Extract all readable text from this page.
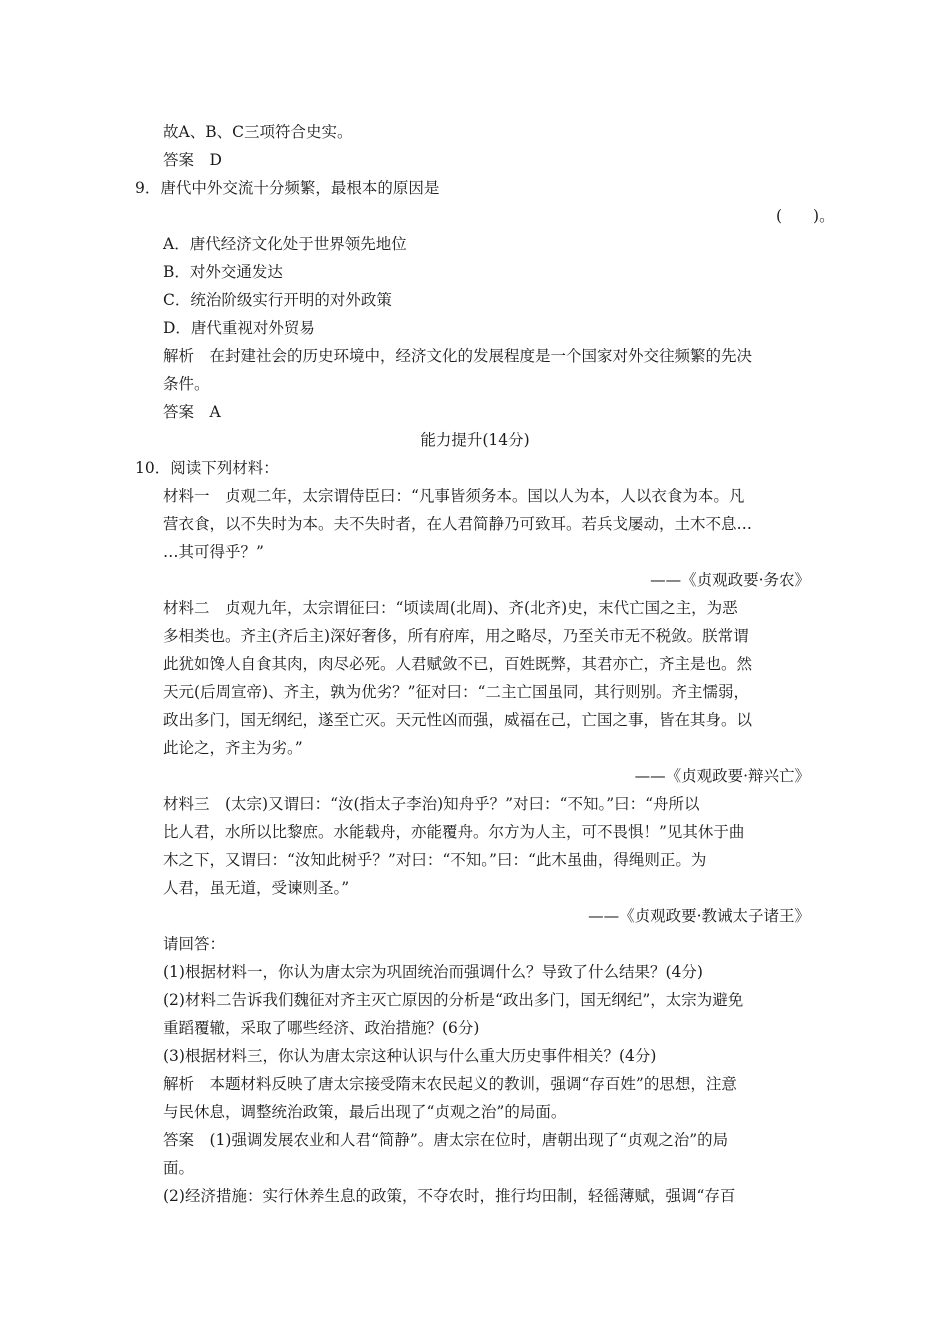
故A、B、C三项符合史实。
答案　D
9．唐代中外交流十分频繁，最根本的原因是
(　　)。
A．唐代经济文化处于世界领先地位
B．对外交通发达
C．统治阶级实行开明的对外政策
D．唐代重视对外贸易
解析　在封建社会的历史环境中，经济文化的发展程度是一个国家对外交往频繁的先决
条件。
答案　A
能力提升(14分)
10．阅读下列材料：
材料一　贞观二年，太宗谓侍臣曰：“凡事皆须务本。国以人为本，人以衣食为本。凡
营衣食，以不失时为本。夫不失时者，在人君简静乃可致耳。若兵戈屡动，土木不息…
…其可得乎？”
——《贞观政要·务农》
材料二　贞观九年，太宗谓征曰：“顷读周(北周)、齐(北齐)史，末代亡国之主，为恶
多相类也。齐主(齐后主)深好奢侈，所有府库，用之略尽，乃至关市无不税敛。朕常谓
此犹如馋人自食其肉，肉尽必死。人君赋敛不已，百姓既弊，其君亦亡，齐主是也。然
天元(后周宣帝)、齐主，孰为优劣？”征对曰：“二主亡国虽同，其行则别。齐主懦弱，
政出多门，国无纲纪，遂至亡灭。天元性凶而强，威福在己，亡国之事，皆在其身。以
此论之，齐主为劣。”
——《贞观政要·辩兴亡》
材料三　(太宗)又谓曰：“汝(指太子李治)知舟乎？”对曰：“不知。”曰：“舟所以
比人君，水所以比黎庶。水能载舟，亦能覆舟。尔方为人主，可不畏惧！”见其休于曲
木之下，又谓曰：“汝知此树乎？”对曰：“不知。”曰：“此木虽曲，得绳则正。为
人君，虽无道，受谏则圣。”
——《贞观政要·教诫太子诸王》
请回答：
(1)根据材料一，你认为唐太宗为巩固统治而强调什么？导致了什么结果？(4分)
(2)材料二告诉我们魏征对齐主灭亡原因的分析是“政出多门，国无纲纪”，太宗为避免
重蹈覆辙，采取了哪些经济、政治措施？(6分)
(3)根据材料三，你认为唐太宗这种认识与什么重大历史事件相关？(4分)
解析　本题材料反映了唐太宗接受隋末农民起义的教训，强调“存百姓”的思想，注意
与民休息，调整统治政策，最后出现了“贞观之治”的局面。
答案　(1)强调发展农业和人君“简静”。唐太宗在位时，唐朝出现了“贞观之治”的局
面。
(2)经济措施：实行休养生息的政策，不夺农时，推行均田制，轻徭薄赋，强调“存百
